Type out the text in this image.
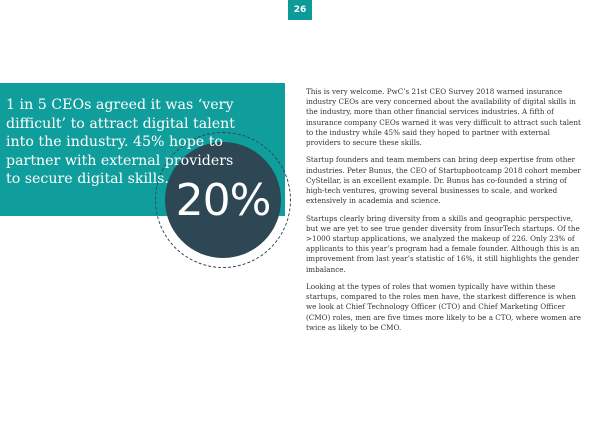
26
20%
1 in 5 CEOs agreed it was ‘very difficult’ to attract digital talent into the industry. 45% hope to partner with external providers to secure digital skills.

This is very welcome. PwC’s 21st CEO Survey 2018 warned insurance industry CEOs are very concerned about the availability of digital skills in the industry, more than other financial services industries. A fifth of insurance company CEOs warned it was very difficult to attract such talent to the industry while 45% said they hoped to partner with external providers to secure these skills.

Startup founders and team members can bring deep expertise from other industries. Peter Bunus, the CEO of Startupbootcamp 2018 cohort member CyStellar, is an excellent example. Dr. Bunus has co-founded a string of high-tech ventures, growing several businesses to scale, and worked extensively in academia and science.

Startups clearly bring diversity from a skills and geographic perspective, but we are yet to see true gender diversity from InsurTech startups. Of the >1000 startup applications, we analyzed the makeup of 226. Only 23% of applicants to this year’s program had a female founder. Although this is an improvement from last year’s statistic of 16%, it still highlights the gender imbalance.

Looking at the types of roles that women typically have within these startups, compared to the roles men have, the starkest difference is when we look at Chief Technology Officer (CTO) and Chief Marketing Officer (CMO) roles, men are five times more likely to be a CTO, where women are twice as likely to be CMO.
